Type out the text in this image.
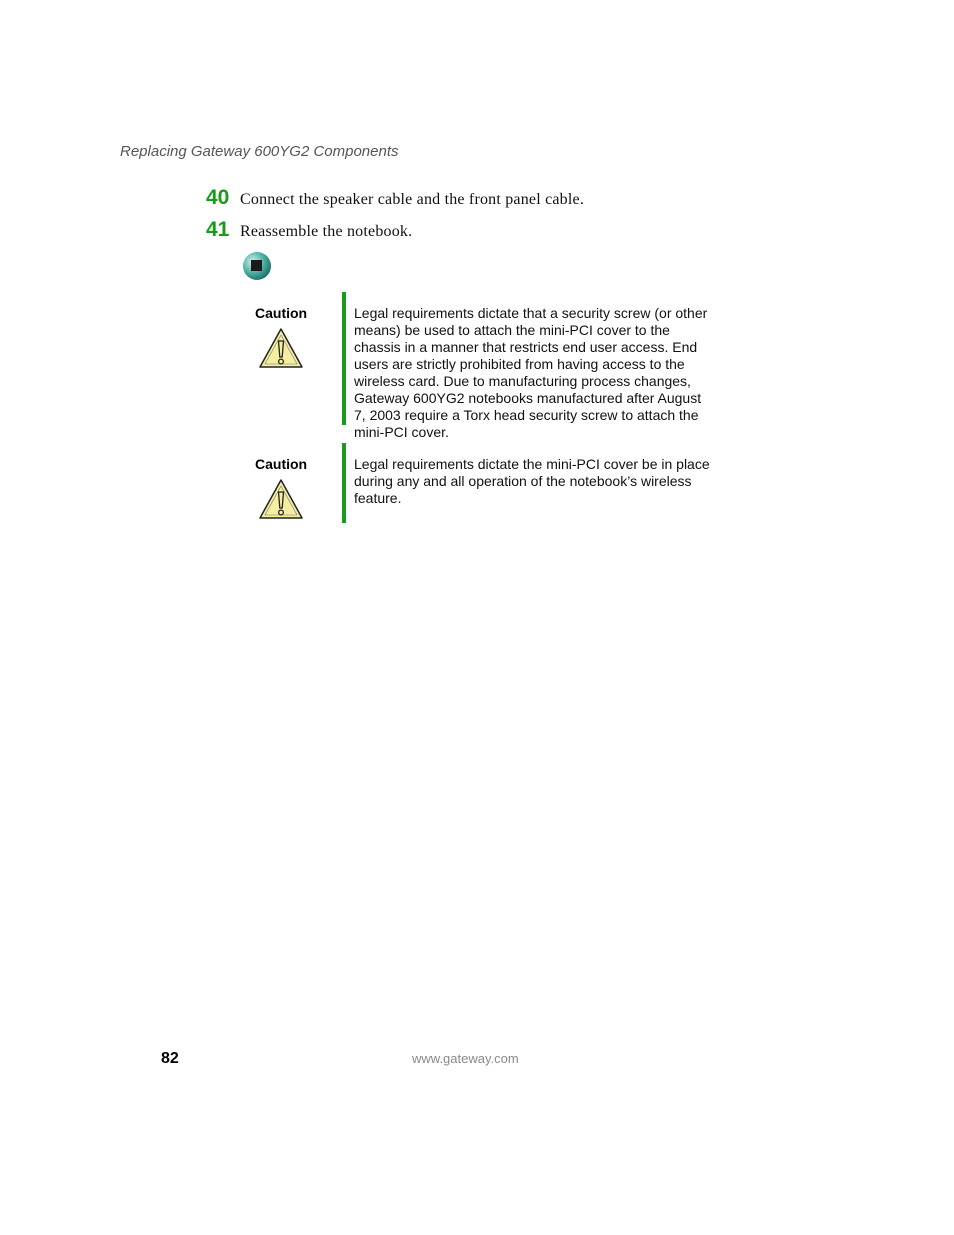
Replacing Gateway 600YG2 Components
40 Connect the speaker cable and the front panel cable.
41 Reassemble the notebook.
Caution	Legal requirements dictate that a security screw (or other means) be used to attach the mini-PCI cover to the chassis in a manner that restricts end user access. End users are strictly prohibited from having access to the wireless card. Due to manufacturing process changes, Gateway 600YG2 notebooks manufactured after August 7, 2003 require a Torx head security screw to attach the mini-PCI cover.
Caution	Legal requirements dictate the mini-PCI cover be in place during any and all operation of the notebook’s wireless feature.
82	www.gateway.com
